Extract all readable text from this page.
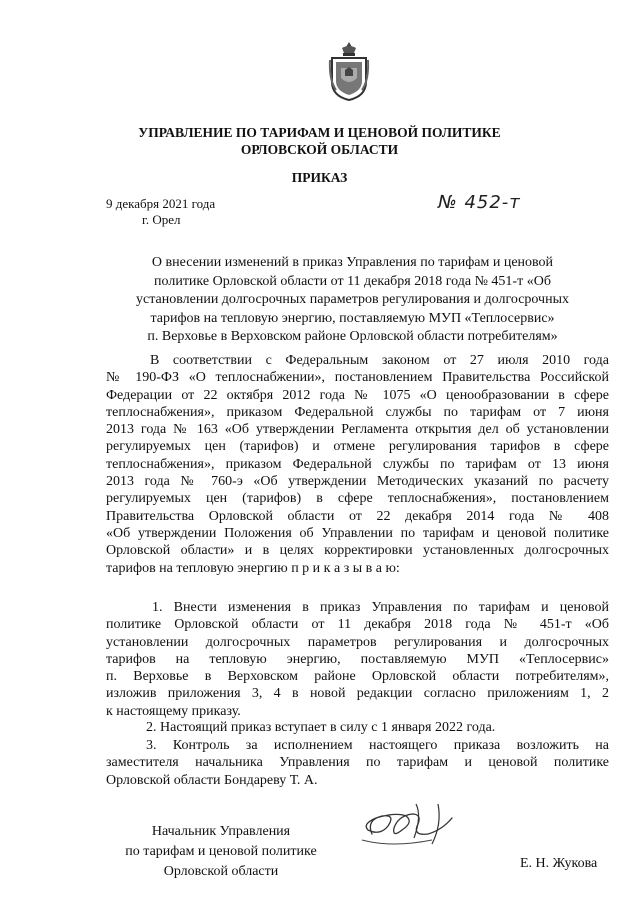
УПРАВЛЕНИЕ ПО ТАРИФАМ И ЦЕНОВОЙ ПОЛИТИКЕ

ОРЛОВСКОЙ ОБЛАСТИ

ПРИКАЗ

9 декабря 2021 года
г. Орел
№ 452-т
О внесении изменений в приказ Управления по тарифам и ценовой
политике Орловской области от 11 декабря 2018 года № 451-т «Об
установлении долгосрочных параметров регулирования и долгосрочных
тарифов на тепловую энергию, поставляемую МУП «Теплосервис»
п. Верховье в Верховском районе Орловской области потребителям»
В соответствии с Федеральным законом от 27 июля 2010 года
№ 190-ФЗ «О теплоснабжении», постановлением Правительства Российской
Федерации от 22 октября 2012 года № 1075 «О ценообразовании в сфере
теплоснабжения», приказом Федеральной службы по тарифам от 7 июня
2013 года № 163 «Об утверждении Регламента открытия дел об установлении
регулируемых цен (тарифов) и отмене регулирования тарифов в сфере
теплоснабжения», приказом Федеральной службы по тарифам от 13 июня
2013 года № 760-э «Об утверждении Методических указаний по расчету
регулируемых цен (тарифов) в сфере теплоснабжения», постановлением
Правительства Орловской области от 22 декабря 2014 года № 408
«Об утверждении Положения об Управлении по тарифам и ценовой политике
Орловской области» и в целях корректировки установленных долгосрочных
тарифов на тепловую энергию п р и к а з ы в а ю:
1. Внести изменения в приказ Управления по тарифам и ценовой
политике Орловской области от 11 декабря 2018 года № 451-т «Об
установлении долгосрочных параметров регулирования и долгосрочных
тарифов на тепловую энергию, поставляемую МУП «Теплосервис»
п. Верховье в Верховском районе Орловской области потребителям»,
изложив приложения 3, 4 в новой редакции согласно приложениям 1, 2
к настоящему приказу.
2. Настоящий приказ вступает в силу с 1 января 2022 года.
3. Контроль за исполнением настоящего приказа возложить на
заместителя начальника Управления по тарифам и ценовой политике
Орловской области Бондареву Т. А.
Начальник Управления
по тарифам и ценовой политике
Орловской области
Е. Н. Жукова
